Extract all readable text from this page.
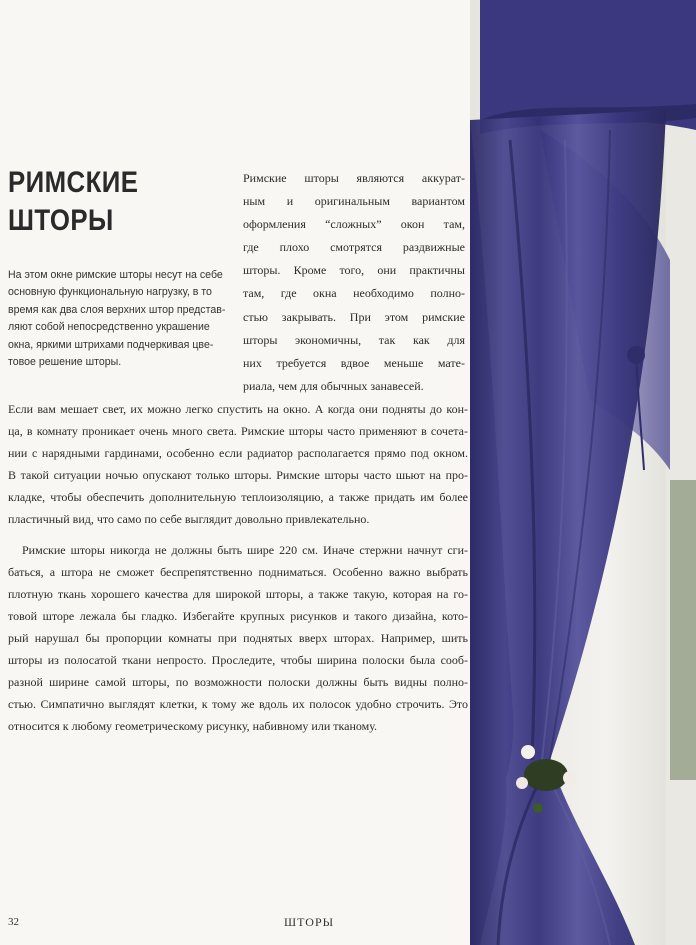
РИМСКИЕ
ШТОРЫ
На этом окне римские шторы несут на себе
основную функциональную нагрузку, в то
время как два слоя верхних штор представ-
ляют собой непосредственно украшение
окна, яркими штрихами подчеркивая цве-
товое решение шторы.
Римские шторы являются аккурат-
ным и оригинальным вариантом
оформления “сложных” окон там,
где плохо смотрятся раздвижные
шторы. Кроме того, они практичны
там, где окна необходимо полно-
стью закрывать. При этом римские
шторы экономичны, так как для
них требуется вдвое меньше мате-
риала, чем для обычных занавесей.
Если вам мешает свет, их можно легко спустить на окно. А когда они подняты до кон-
ца, в комнату проникает очень много света. Римские шторы часто применяют в сочета-
нии с нарядными гардинами, особенно если радиатор располагается прямо под окном.
В такой ситуации ночью опускают только шторы. Римские шторы часто шьют на про-
кладке, чтобы обеспечить дополнительную теплоизоляцию, а также придать им более
пластичный вид, что само по себе выглядит довольно привлекательно.
Римские шторы никогда не должны быть шире 220 см. Иначе стержни начнут сги-
баться, а штора не сможет беспрепятственно подниматься. Особенно важно выбрать
плотную ткань хорошего качества для широкой шторы, а также такую, которая на го-
товой шторе лежала бы гладко. Избегайте крупных рисунков и такого дизайна, кото-
рый нарушал бы пропорции комнаты при поднятых вверх шторах. Например, шить
шторы из полосатой ткани непросто. Проследите, чтобы ширина полоски была сооб-
разной ширине самой шторы, по возможности полоски должны быть видны полно-
стью. Симпатично выглядят клетки, к тому же вдоль их полосок удобно строчить. Это
относится к любому геометрическому рисунку, набивному или тканому.
32	ШТОРЫ
